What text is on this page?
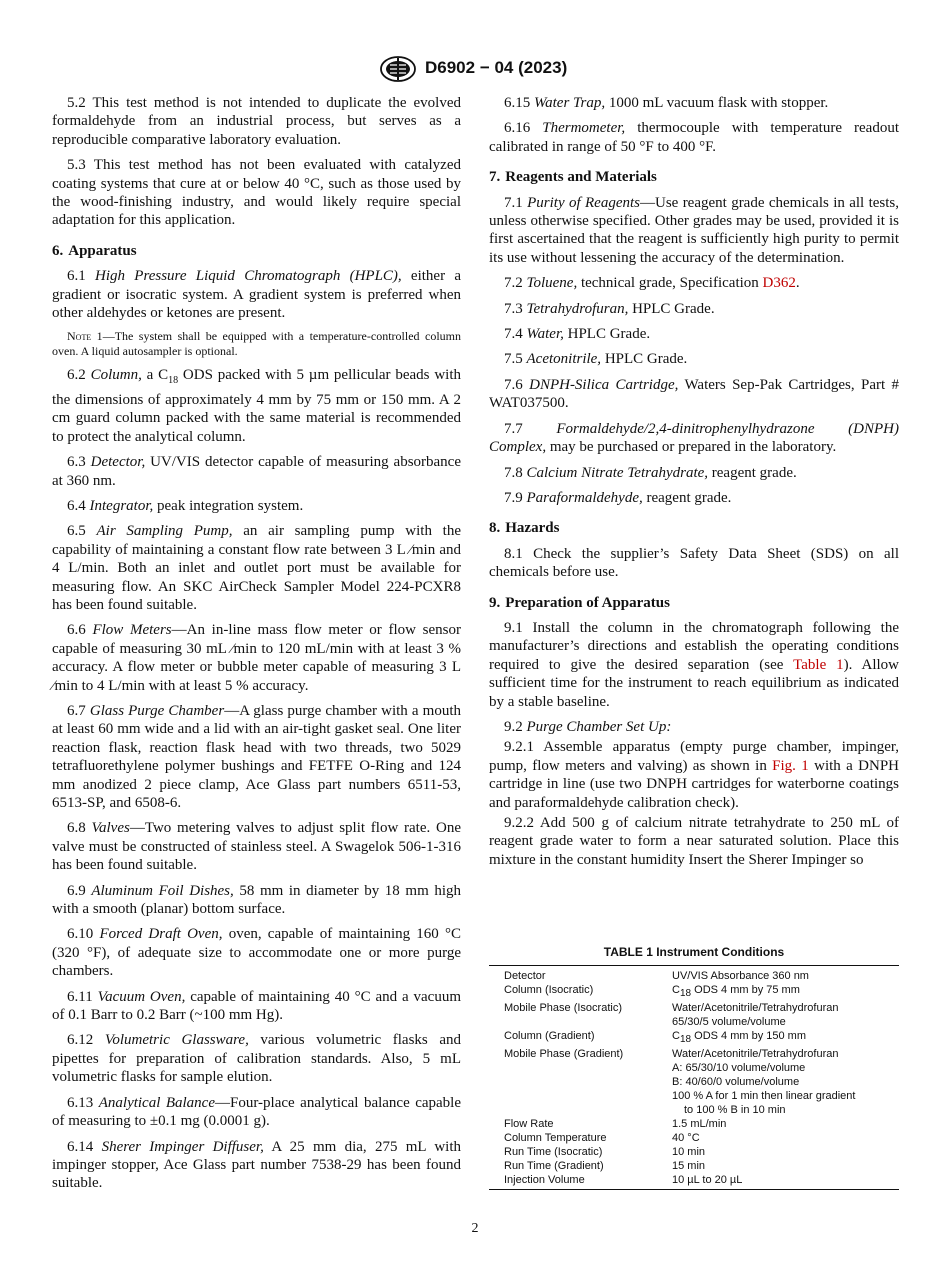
D6902 − 04 (2023)

5.2 This test method is not intended to duplicate the evolved formaldehyde from an industrial process, but serves as a reproducible comparative laboratory evaluation.

5.3 This test method has not been evaluated with catalyzed coating systems that cure at or below 40 °C, such as those used by the wood-finishing industry, and would likely require special adaptation for this application.

6. Apparatus

6.1 High Pressure Liquid Chromatograph (HPLC), either a gradient or isocratic system. A gradient system is preferred when other aldehydes or ketones are present.

Note 1—The system shall be equipped with a temperature-controlled column oven. A liquid autosampler is optional.

6.2 Column, a $C_{18}$ ODS packed with 5 µm pellicular beads with the dimensions of approximately 4 mm by 75 mm or 150 mm. A 2 cm guard column packed with the same material is recommended to protect the analytical column.

6.3 Detector, UV/VIS detector capable of measuring absorbance at 360 nm.

6.4 Integrator, peak integration system.

6.5 Air Sampling Pump, an air sampling pump with the capability of maintaining a constant flow rate between 3 L ⁄min and 4 L/min. Both an inlet and outlet port must be available for measuring flow. An SKC AirCheck Sampler Model 224-PCXR8 has been found suitable.

6.6 Flow Meters—An in-line mass flow meter or flow sensor capable of measuring 30 mL ⁄min to 120 mL/min with at least 3 % accuracy. A flow meter or bubble meter capable of measuring 3 L ⁄min to 4 L/min with at least 5 % accuracy.

6.7 Glass Purge Chamber—A glass purge chamber with a mouth at least 60 mm wide and a lid with an air-tight gasket seal. One liter reaction flask, reaction flask head with two threads, two 5029 tetrafluorethylene polymer bushings and FETFE O-Ring and 124 mm anodized 2 piece clamp, Ace Glass part numbers 6511-53, 6513-SP, and 6508-6.

6.8 Valves—Two metering valves to adjust split flow rate. One valve must be constructed of stainless steel. A Swagelok 506-1-316 has been found suitable.

6.9 Aluminum Foil Dishes, 58 mm in diameter by 18 mm high with a smooth (planar) bottom surface.

6.10 Forced Draft Oven, oven, capable of maintaining 160 °C (320 °F), of adequate size to accommodate one or more purge chambers.

6.11 Vacuum Oven, capable of maintaining 40 °C and a vacuum of 0.1 Barr to 0.2 Barr (~100 mm Hg).

6.12 Volumetric Glassware, various volumetric flasks and pipettes for preparation of calibration standards. Also, 5 mL volumetric flasks for sample elution.

6.13 Analytical Balance—Four-place analytical balance capable of measuring to ±0.1 mg (0.0001 g).

6.14 Sherer Impinger Diffuser, A 25 mm dia, 275 mL with impinger stopper, Ace Glass part number 7538-29 has been found suitable.

6.15 Water Trap, 1000 mL vacuum flask with stopper.

6.16 Thermometer, thermocouple with temperature readout calibrated in range of 50 °F to 400 °F.

7. Reagents and Materials

7.1 Purity of Reagents—Use reagent grade chemicals in all tests, unless otherwise specified. Other grades may be used, provided it is first ascertained that the reagent is sufficiently high purity to permit its use without lessening the accuracy of the determination.

7.2 Toluene, technical grade, Specification D362.

7.3 Tetrahydrofuran, HPLC Grade.

7.4 Water, HPLC Grade.

7.5 Acetonitrile, HPLC Grade.

7.6 DNPH-Silica Cartridge, Waters Sep-Pak Cartridges, Part # WAT037500.

7.7 Formaldehyde/2,4-dinitrophenylhydrazone (DNPH) Complex, may be purchased or prepared in the laboratory.

7.8 Calcium Nitrate Tetrahydrate, reagent grade.

7.9 Paraformaldehyde, reagent grade.

8. Hazards

8.1 Check the supplier’s Safety Data Sheet (SDS) on all chemicals before use.

9. Preparation of Apparatus

9.1 Install the column in the chromatograph following the manufacturer’s directions and establish the operating conditions required to give the desired separation (see Table 1). Allow sufficient time for the instrument to reach equilibrium as indicated by a stable baseline.

9.2 Purge Chamber Set Up:

9.2.1 Assemble apparatus (empty purge chamber, impinger, pump, flow meters and valving) as shown in Fig. 1 with a DNPH cartridge in line (use two DNPH cartridges for waterborne coatings and paraformaldehyde calibration check).

9.2.2 Add 500 g of calcium nitrate tetrahydrate to 250 mL of reagent grade water to form a near saturated solution. Place this mixture in the constant humidity Insert the Sherer Impinger so

TABLE 1 Instrument Conditions
Detector	UV/VIS Absorbance 360 nm
Column (Isocratic)	$C_{18}$ ODS 4 mm by 75 mm
Mobile Phase (Isocratic)	Water/Acetonitrile/Tetrahydrofuran
65/30/5 volume/volume
Column (Gradient)	$C_{18}$ ODS 4 mm by 150 mm
Mobile Phase (Gradient)	Water/Acetonitrile/Tetrahydrofuran
A: 65/30/10 volume/volume
B: 40/60/0 volume/volume
100 % A for 1 min then linear gradient
to 100 % B in 10 min
Flow Rate	1.5 mL/min
Column Temperature	40 °C
Run Time (Isocratic)	10 min
Run Time (Gradient)	15 min
Injection Volume	10 µL to 20 µL
2
